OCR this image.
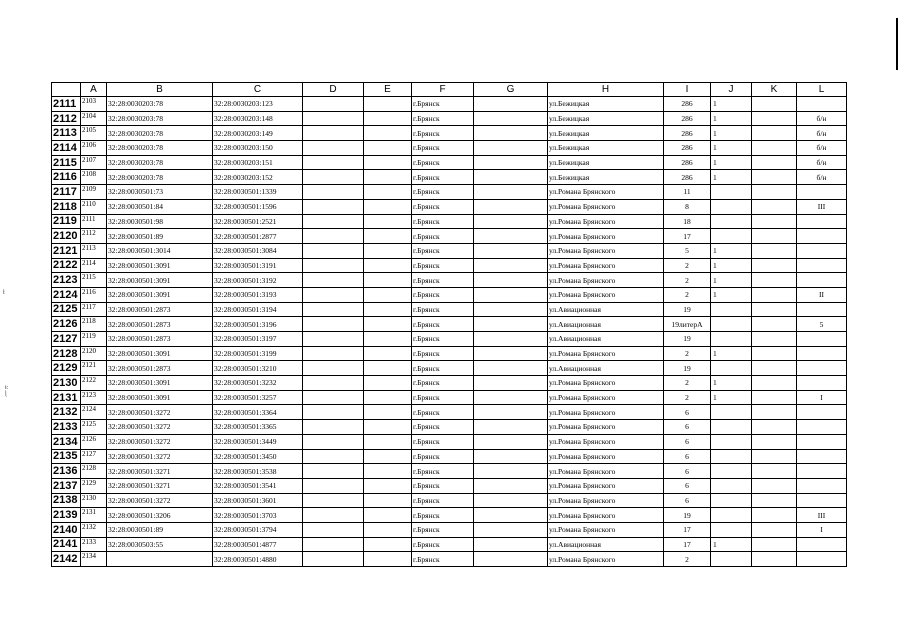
ɫ
ɨ:
ɭ
	A	B	C	D	E	F	G	H	I	J	K	L
2111	2103	32:28:0030203:78	32:28:0030203:123			г.Брянск		ул.Бежицкая	286	1		
2112	2104	32:28:0030203:78	32:28:0030203:148			г.Брянск		ул.Бежицкая	286	1		б/н
2113	2105	32:28:0030203:78	32:28:0030203:149			г.Брянск		ул.Бежицкая	286	1		б/н
2114	2106	32:28:0030203:78	32:28:0030203:150			г.Брянск		ул.Бежицкая	286	1		б/н
2115	2107	32:28:0030203:78	32:28:0030203:151			г.Брянск		ул.Бежицкая	286	1		б/н
2116	2108	32:28:0030203:78	32:28:0030203:152			г.Брянск		ул.Бежицкая	286	1		б/н
2117	2109	32:28:0030501:73	32:28:0030501:1339			г.Брянск		ул.Романа Брянского	11			
2118	2110	32:28:0030501:84	32:28:0030501:1596			г.Брянск		ул.Романа Брянского	8			III
2119	2111	32:28:0030501:98	32:28:0030501:2521			г.Брянск		ул.Романа Брянского	18			
2120	2112	32:28:0030501:89	32:28:0030501:2877			г.Брянск		ул.Романа Брянского	17			
2121	2113	32:28:0030501:3014	32:28:0030501:3084			г.Брянск		ул.Романа Брянского	5	1		
2122	2114	32:28:0030501:3091	32:28:0030501:3191			г.Брянск		ул.Романа Брянского	2	1		
2123	2115	32:28:0030501:3091	32:28:0030501:3192			г.Брянск		ул.Романа Брянского	2	1		
2124	2116	32:28:0030501:3091	32:28:0030501:3193			г.Брянск		ул.Романа Брянского	2	1		II
2125	2117	32:28:0030501:2873	32:28:0030501:3194			г.Брянск		ул.Авиационная	19			
2126	2118	32:28:0030501:2873	32:28:0030501:3196			г.Брянск		ул.Авиационная	19литерА			5
2127	2119	32:28:0030501:2873	32:28:0030501:3197			г.Брянск		ул.Авиационная	19			
2128	2120	32:28:0030501:3091	32:28:0030501:3199			г.Брянск		ул.Романа Брянского	2	1		
2129	2121	32:28:0030501:2873	32:28:0030501:3210			г.Брянск		ул.Авиационная	19			
2130	2122	32:28:0030501:3091	32:28:0030501:3232			г.Брянск		ул.Романа Брянского	2	1		
2131	2123	32:28:0030501:3091	32:28:0030501:3257			г.Брянск		ул.Романа Брянского	2	1		I
2132	2124	32:28:0030501:3272	32:28:0030501:3364			г.Брянск		ул.Романа Брянского	6			
2133	2125	32:28:0030501:3272	32:28:0030501:3365			г.Брянск		ул.Романа Брянского	6			
2134	2126	32:28:0030501:3272	32:28:0030501:3449			г.Брянск		ул.Романа Брянского	6			
2135	2127	32:28:0030501:3272	32:28:0030501:3450			г.Брянск		ул.Романа Брянского	6			
2136	2128	32:28:0030501:3271	32:28:0030501:3538			г.Брянск		ул.Романа Брянского	6			
2137	2129	32:28:0030501:3271	32:28:0030501:3541			г.Брянск		ул.Романа Брянского	6			
2138	2130	32:28:0030501:3272	32:28:0030501:3601			г.Брянск		ул.Романа Брянского	6			
2139	2131	32:28:0030501:3206	32:28:0030501:3703			г.Брянск		ул.Романа Брянского	19			III
2140	2132	32:28:0030501:89	32:28:0030501:3794			г.Брянск		ул.Романа Брянского	17			I
2141	2133	32:28:0030503:55	32:28:0030501:4877			г.Брянск		ул.Авиационная	17	1		
2142	2134		32:28:0030501:4880			г.Брянск		ул.Романа Брянского	2			
